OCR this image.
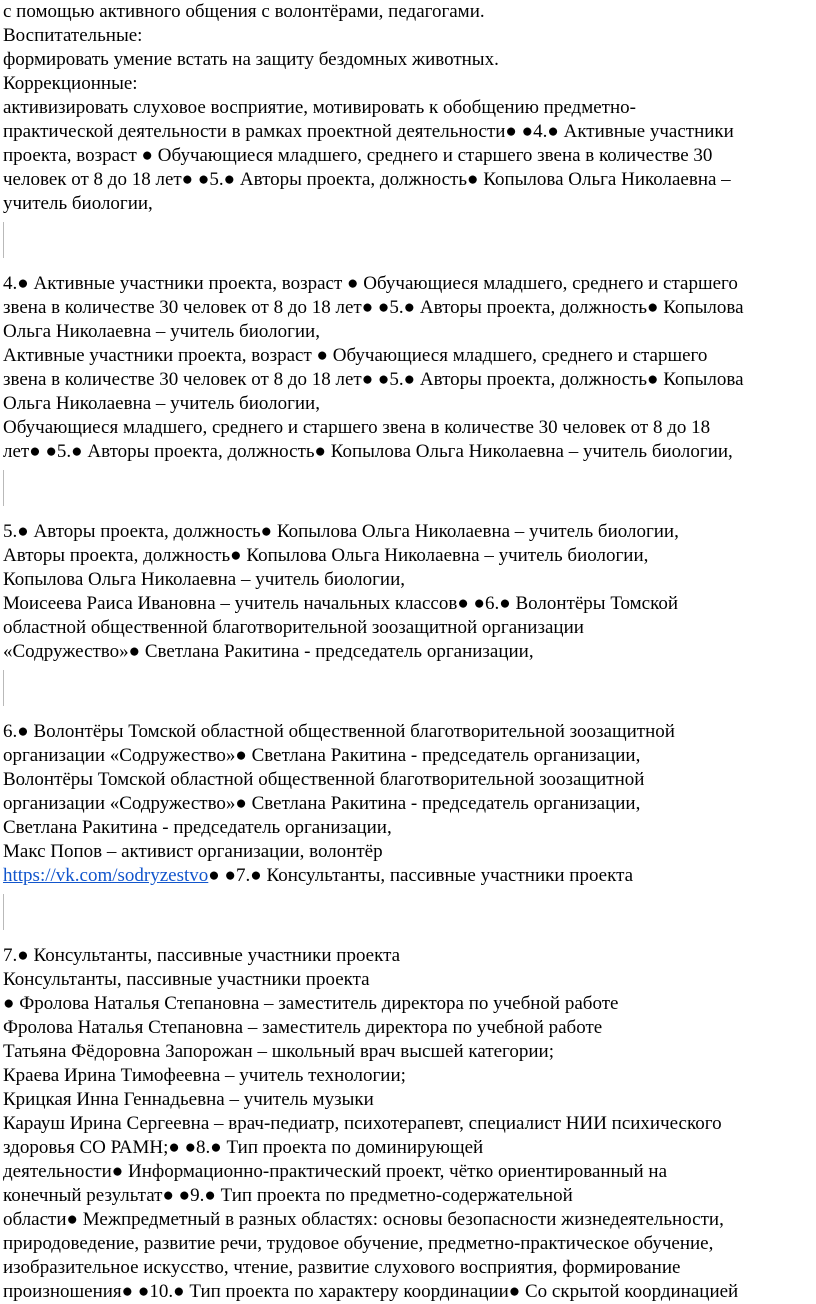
с помощью активного общения с волонтёрами, педагогами.
Воспитательные:
формировать умение встать на защиту бездомных животных.
Коррекционные:
активизировать слуховое восприятие, мотивировать к обобщению предметно-
практической деятельности в рамках проектной деятельности● ●4.● Активные участники
проекта, возраст ● Обучающиеся младшего, среднего и старшего звена в количестве 30
человек от 8 до 18 лет● ●5.● Авторы проекта, должность● Копылова Ольга Николаевна –
учитель биологии,
4.● Активные участники проекта, возраст ● Обучающиеся младшего, среднего и старшего
звена в количестве 30 человек от 8 до 18 лет● ●5.● Авторы проекта, должность● Копылова
Ольга Николаевна – учитель биологии,
Активные участники проекта, возраст ● Обучающиеся младшего, среднего и старшего
звена в количестве 30 человек от 8 до 18 лет● ●5.● Авторы проекта, должность● Копылова
Ольга Николаевна – учитель биологии,
Обучающиеся младшего, среднего и старшего звена в количестве 30 человек от 8 до 18
лет● ●5.● Авторы проекта, должность● Копылова Ольга Николаевна – учитель биологии,
5.● Авторы проекта, должность● Копылова Ольга Николаевна – учитель биологии,
Авторы проекта, должность● Копылова Ольга Николаевна – учитель биологии,
Копылова Ольга Николаевна – учитель биологии,
Моисеева Раиса Ивановна – учитель начальных классов● ●6.● Волонтёры Томской
областной общественной благотворительной зоозащитной организации
«Содружество»● Светлана Ракитина - председатель организации,
6.● Волонтёры Томской областной общественной благотворительной зоозащитной
организации «Содружество»● Светлана Ракитина - председатель организации,
Волонтёры Томской областной общественной благотворительной зоозащитной
организации «Содружество»● Светлана Ракитина - председатель организации,
Светлана Ракитина - председатель организации,
Макс Попов – активист организации, волонтёр
https://vk.com/sodryzestvo● ●7.● Консультанты, пассивные участники проекта
7.● Консультанты, пассивные участники проекта
Консультанты, пассивные участники проекта
● Фролова Наталья Степановна – заместитель директора по учебной работе
Фролова Наталья Степановна – заместитель директора по учебной работе
Татьяна Фёдоровна Запорожан – школьный врач высшей категории;
Краева Ирина Тимофеевна – учитель технологии;
Крицкая Инна Геннадьевна – учитель музыки
Карауш Ирина Сергеевна – врач-педиатр, психотерапевт, специалист НИИ психического
здоровья СО РАМН;● ●8.● Тип проекта по доминирующей
деятельности● Информационно-практический проект, чётко ориентированный на
конечный результат● ●9.● Тип проекта по предметно-содержательной
области● Межпредметный в разных областях: основы безопасности жизнедеятельности,
природоведение, развитие речи, трудовое обучение, предметно-практическое обучение,
изобразительное искусство, чтение, развитие слухового восприятия, формирование
произношения● ●10.● Тип проекта по характеру координации● Со скрытой координацией
